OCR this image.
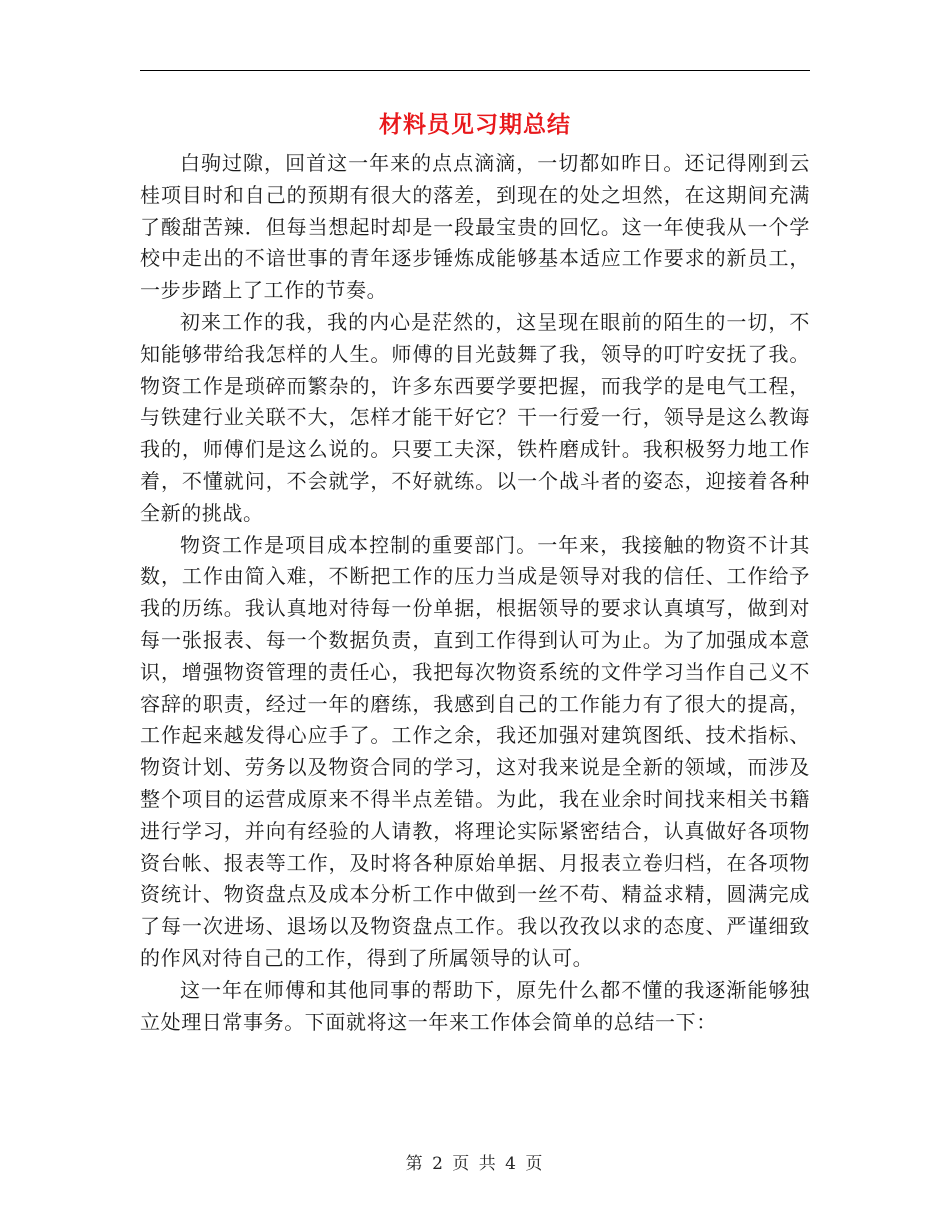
材料员见习期总结

白驹过隙，回首这一年来的点点滴滴，一切都如昨日。还记得刚到云桂项目时和自己的预期有很大的落差，到现在的处之坦然，在这期间充满了酸甜苦辣．但每当想起时却是一段最宝贵的回忆。这一年使我从一个学校中走出的不谙世事的青年逐步锤炼成能够基本适应工作要求的新员工，一步步踏上了工作的节奏。

初来工作的我，我的内心是茫然的，这呈现在眼前的陌生的一切，不知能够带给我怎样的人生。师傅的目光鼓舞了我，领导的叮咛安抚了我。物资工作是琐碎而繁杂的，许多东西要学要把握，而我学的是电气工程，与铁建行业关联不大，怎样才能干好它？干一行爱一行，领导是这么教诲我的，师傅们是这么说的。只要工夫深，铁杵磨成针。我积极努力地工作着，不懂就问，不会就学，不好就练。以一个战斗者的姿态，迎接着各种全新的挑战。

物资工作是项目成本控制的重要部门。一年来，我接触的物资不计其数，工作由简入难，不断把工作的压力当成是领导对我的信任、工作给予我的历练。我认真地对待每一份单据，根据领导的要求认真填写，做到对每一张报表、每一个数据负责，直到工作得到认可为止。为了加强成本意识，增强物资管理的责任心，我把每次物资系统的文件学习当作自己义不容辞的职责，经过一年的磨练，我感到自己的工作能力有了很大的提高，工作起来越发得心应手了。工作之余，我还加强对建筑图纸、技术指标、物资计划、劳务以及物资合同的学习，这对我来说是全新的领域，而涉及整个项目的运营成原来不得半点差错。为此，我在业余时间找来相关书籍进行学习，并向有经验的人请教，将理论实际紧密结合，认真做好各项物资台帐、报表等工作，及时将各种原始单据、月报表立卷归档，在各项物资统计、物资盘点及成本分析工作中做到一丝不苟、精益求精，圆满完成了每一次进场、退场以及物资盘点工作。我以孜孜以求的态度、严谨细致的作风对待自己的工作，得到了所属领导的认可。

这一年在师傅和其他同事的帮助下，原先什么都不懂的我逐渐能够独立处理日常事务。下面就将这一年来工作体会简单的总结一下：

第 2 页 共 4 页
